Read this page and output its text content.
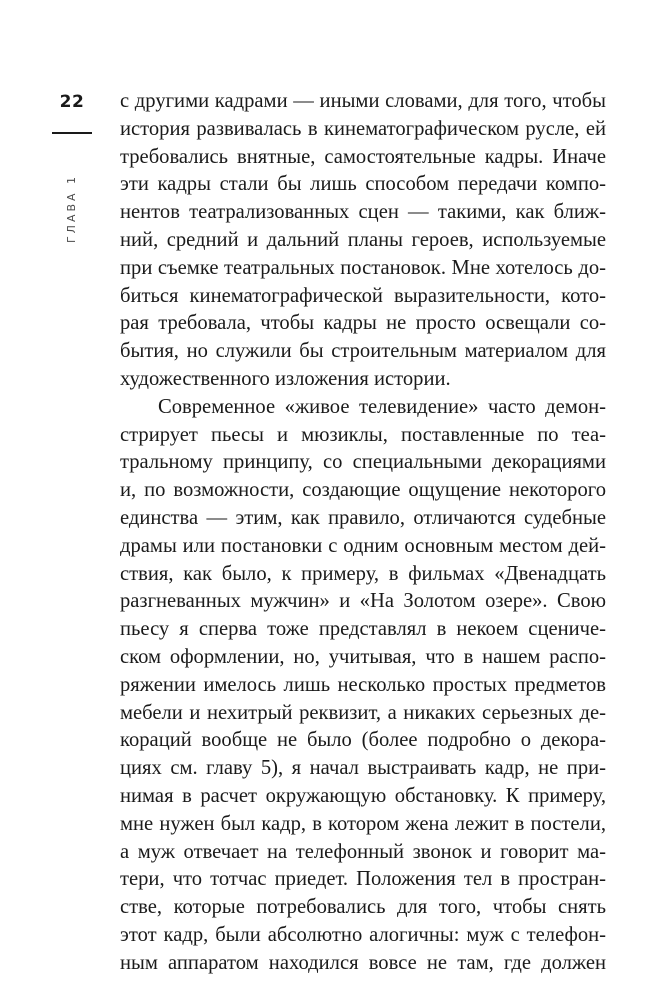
22
ГЛАВА 1
с другими кадрами — иными словами, для того, чтобы
история развивалась в кинематографическом русле, ей
требовались внятные, самостоятельные кадры. Иначе
эти кадры стали бы лишь способом передачи компо-
нентов театрализованных сцен — такими, как ближ-
ний, средний и дальний планы героев, используемые
при съемке театральных постановок. Мне хотелось до-
биться кинематографической выразительности, кото-
рая требовала, чтобы кадры не просто освещали со-
бытия, но служили бы строительным материалом для
художественного изложения истории.
Современное «живое телевидение» часто демон-
стрирует пьесы и мюзиклы, поставленные по теа-
тральному принципу, со специальными декорациями
и, по возможности, создающие ощущение некоторого
единства — этим, как правило, отличаются судебные
драмы или постановки с одним основным местом дей-
ствия, как было, к примеру, в фильмах «Двенадцать
разгневанных мужчин» и «На Золотом озере». Свою
пьесу я сперва тоже представлял в некоем сцениче-
ском оформлении, но, учитывая, что в нашем распо-
ряжении имелось лишь несколько простых предметов
мебели и нехитрый реквизит, а никаких серьезных де-
кораций вообще не было (более подробно о декора-
циях см. главу 5), я начал выстраивать кадр, не при-
нимая в расчет окружающую обстановку. К примеру,
мне нужен был кадр, в котором жена лежит в постели,
а муж отвечает на телефонный звонок и говорит ма-
тери, что тотчас приедет. Положения тел в простран-
стве, которые потребовались для того, чтобы снять
этот кадр, были абсолютно алогичны: муж с телефон-
ным аппаратом находился вовсе не там, где должен
